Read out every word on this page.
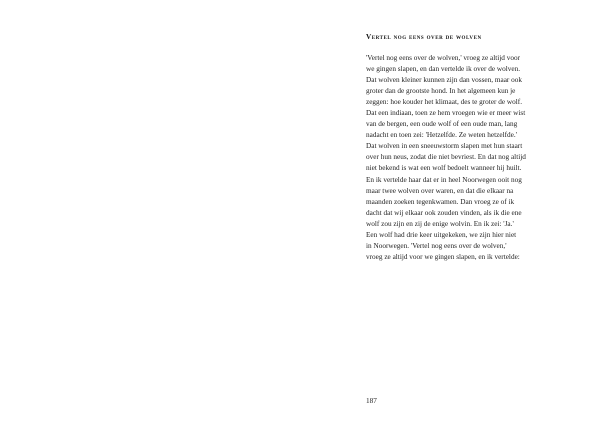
Vertel nog eens over de wolven
'Vertel nog eens over de wolven,' vroeg ze altijd voor
we gingen slapen, en dan vertelde ik over de wolven.
Dat wolven kleiner kunnen zijn dan vossen, maar ook
groter dan de grootste hond. In het algemeen kun je
zeggen: hoe kouder het klimaat, des te groter de wolf.
Dat een indiaan, toen ze hem vroegen wie er meer wist
van de bergen, een oude wolf of een oude man, lang
nadacht en toen zei: 'Hetzelfde. Ze weten hetzelfde.'
Dat wolven in een sneeuwstorm slapen met hun staart
over hun neus, zodat die niet bevriest. En dat nog altijd
niet bekend is wat een wolf bedoelt wanneer hij huilt.
En ik vertelde haar dat er in heel Noorwegen ooit nog
maar twee wolven over waren, en dat die elkaar na
maanden zoeken tegenkwamen. Dan vroeg ze of ik
dacht dat wij elkaar ook zouden vinden, als ik die ene
wolf zou zijn en zij de enige wolvin. En ik zei: 'Ja.'
Een wolf had drie keer uitgekeken, we zijn hier niet
in Noorwegen. 'Vertel nog eens over de wolven,'
vroeg ze altijd voor we gingen slapen, en ik vertelde:

187
